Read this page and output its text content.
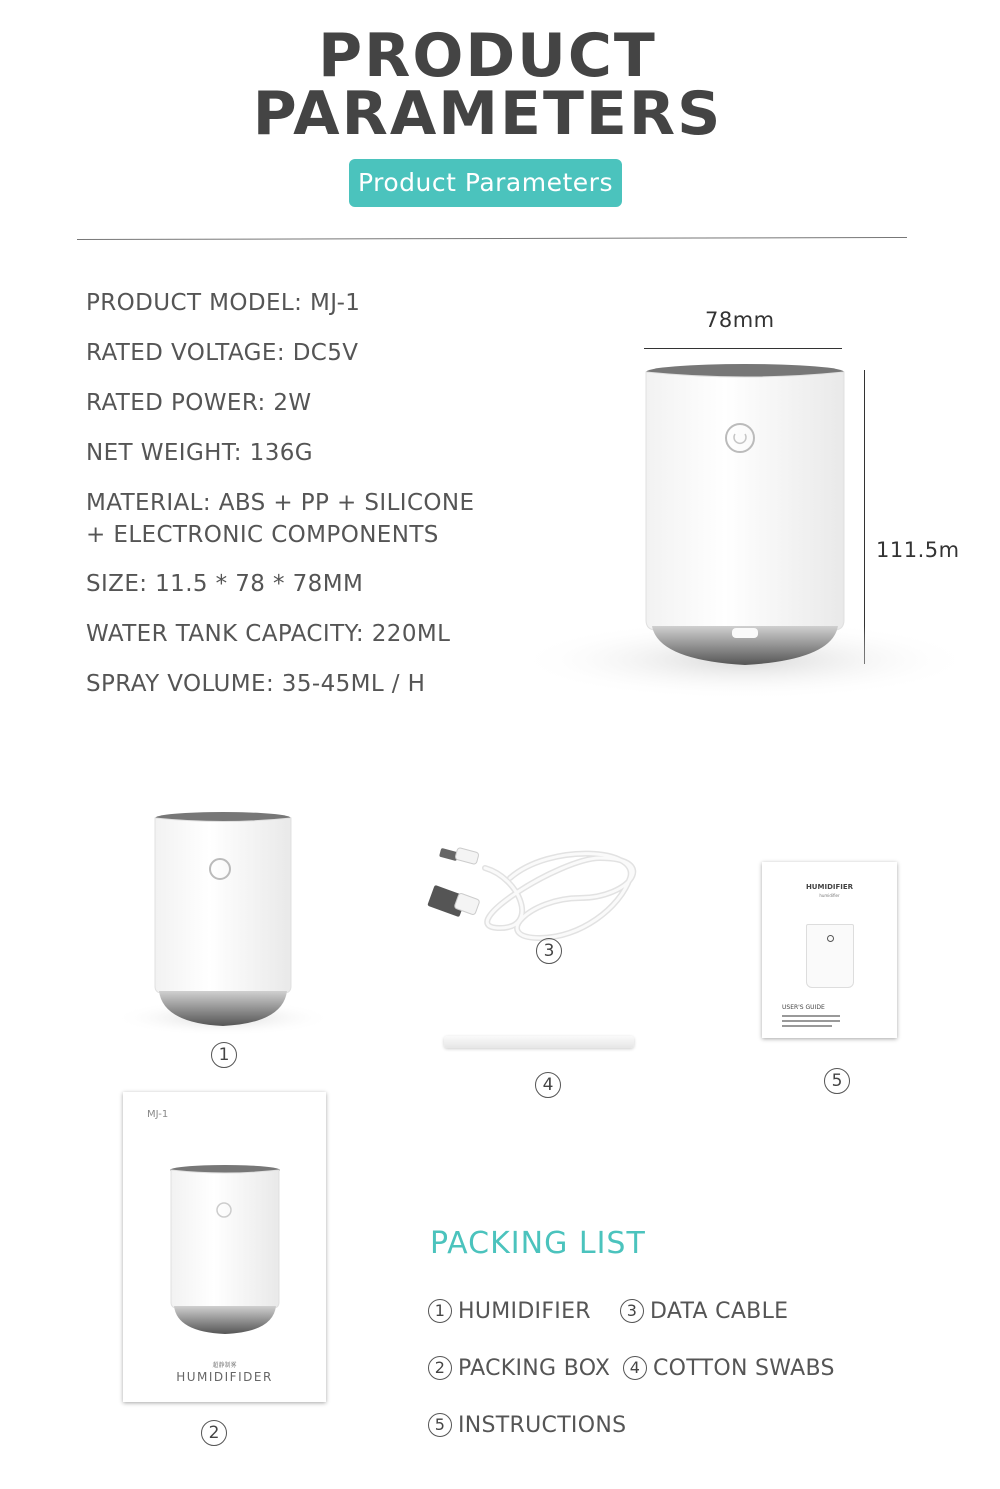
PRODUCT
PARAMETERS
Product Parameters
PRODUCT MODEL: MJ-1
RATED VOLTAGE: DC5V
RATED POWER: 2W
NET WEIGHT: 136G
MATERIAL: ABS + PP + SILICONE
+ ELECTRONIC COMPONENTS
SIZE: 11.5 * 78 * 78MM
WATER TANK CAPACITY: 220ML
SPRAY VOLUME: 35-45ML / H
78mm
111.5m
1
3
4
HUMIDIFIER
humidifier
USER'S GUIDE
5
MJ-1
超静制雾
HUMIDIFIDER
2
PACKING LIST
1 HUMIDIFIER	3 DATA CABLE
2 PACKING BOX	4 COTTON SWABS
5 INSTRUCTIONS
